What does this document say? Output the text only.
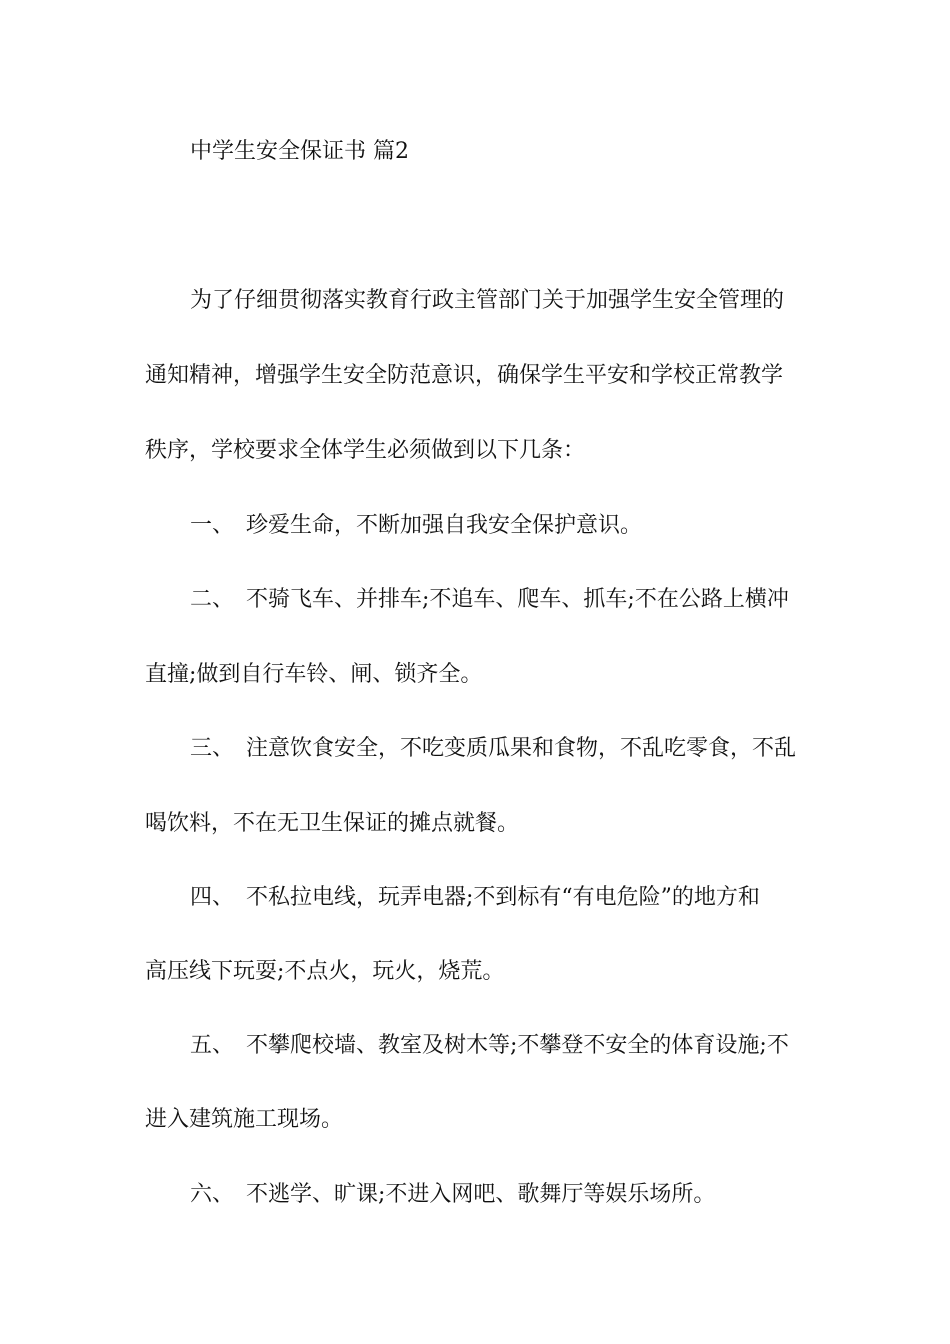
中学生安全保证书 篇2
为了仔细贯彻落实教育行政主管部门关于加强学生安全管理的
通知精神，增强学生安全防范意识，确保学生平安和学校正常教学
秩序，学校要求全体学生必须做到以下几条：
一、 珍爱生命，不断加强自我安全保护意识。
二、 不骑飞车、并排车;不追车、爬车、抓车;不在公路上横冲
直撞;做到自行车铃、闸、锁齐全。
三、 注意饮食安全，不吃变质瓜果和食物，不乱吃零食，不乱
喝饮料，不在无卫生保证的摊点就餐。
四、 不私拉电线，玩弄电器;不到标有“有电危险”的地方和
高压线下玩耍;不点火，玩火，烧荒。
五、 不攀爬校墙、教室及树木等;不攀登不安全的体育设施;不
进入建筑施工现场。
六、 不逃学、旷课;不进入网吧、歌舞厅等娱乐场所。
